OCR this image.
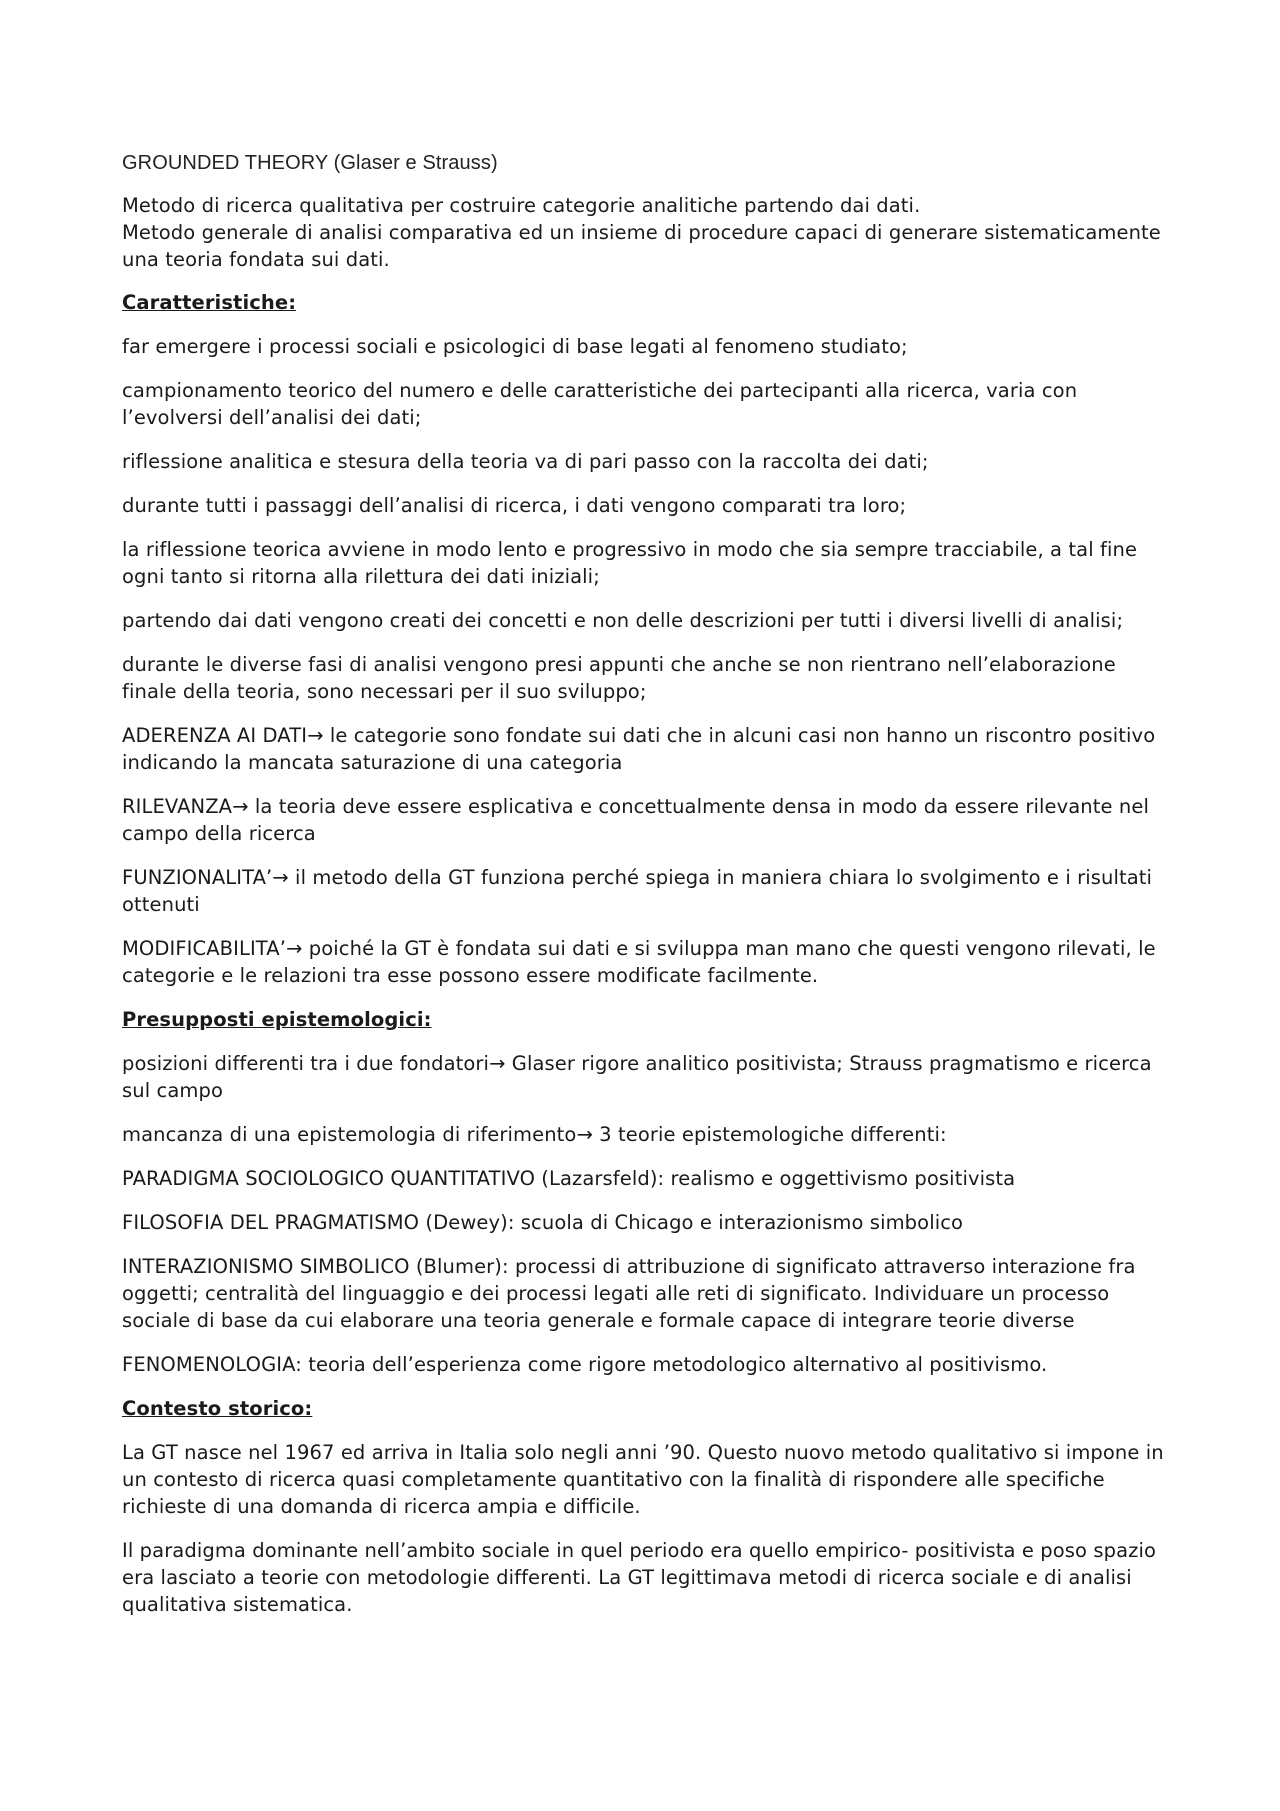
GROUNDED THEORY (Glaser e Strauss)

Metodo di ricerca qualitativa per costruire categorie analitiche partendo dai dati.

Metodo generale di analisi comparativa ed un insieme di procedure capaci di generare sistematicamente una teoria fondata sui dati.

Caratteristiche:

far emergere i processi sociali e psicologici di base legati al fenomeno studiato;

campionamento teorico del numero e delle caratteristiche dei partecipanti alla ricerca, varia con l’evolversi dell’analisi dei dati;

riflessione analitica e stesura della teoria va di pari passo con la raccolta dei dati;

durante tutti i passaggi dell’analisi di ricerca, i dati vengono comparati tra loro;

la riflessione teorica avviene in modo lento e progressivo in modo che sia sempre tracciabile, a tal fine ogni tanto si ritorna alla rilettura dei dati iniziali;

partendo dai dati vengono creati dei concetti e non delle descrizioni per tutti i diversi livelli di analisi;

durante le diverse fasi di analisi vengono presi appunti che anche se non rientrano nell’elaborazione finale della teoria, sono necessari per il suo sviluppo;

ADERENZA AI DATI→ le categorie sono fondate sui dati che in alcuni casi non hanno un riscontro positivo indicando la mancata saturazione di una categoria

RILEVANZA→ la teoria deve essere esplicativa e concettualmente densa in modo da essere rilevante nel campo della ricerca

FUNZIONALITA’→ il metodo della GT funziona perché spiega in maniera chiara lo svolgimento e i risultati ottenuti

MODIFICABILITA’→ poiché la GT è fondata sui dati e si sviluppa man mano che questi vengono rilevati, le categorie e le relazioni tra esse possono essere modificate facilmente.

Presupposti epistemologici:

posizioni differenti tra i due fondatori→ Glaser rigore analitico positivista; Strauss pragmatismo e ricerca sul campo

mancanza di una epistemologia di riferimento→ 3 teorie epistemologiche differenti:

PARADIGMA SOCIOLOGICO QUANTITATIVO (Lazarsfeld): realismo e oggettivismo positivista

FILOSOFIA DEL PRAGMATISMO (Dewey): scuola di Chicago e interazionismo simbolico

INTERAZIONISMO SIMBOLICO (Blumer): processi di attribuzione di significato attraverso interazione fra oggetti; centralità del linguaggio e dei processi legati alle reti di significato. Individuare un processo sociale di base da cui elaborare una teoria generale e formale capace di integrare teorie diverse

FENOMENOLOGIA: teoria dell’esperienza come rigore metodologico alternativo al positivismo.

Contesto storico:

La GT nasce nel 1967 ed arriva in Italia solo negli anni ’90. Questo nuovo metodo qualitativo si impone in un contesto di ricerca quasi completamente quantitativo con la finalità di rispondere alle specifiche richieste di una domanda di ricerca ampia e difficile.

Il paradigma dominante nell’ambito sociale in quel periodo era quello empirico- positivista e poso spazio era lasciato a teorie con metodologie differenti. La GT legittimava metodi di ricerca sociale e di analisi qualitativa sistematica.
